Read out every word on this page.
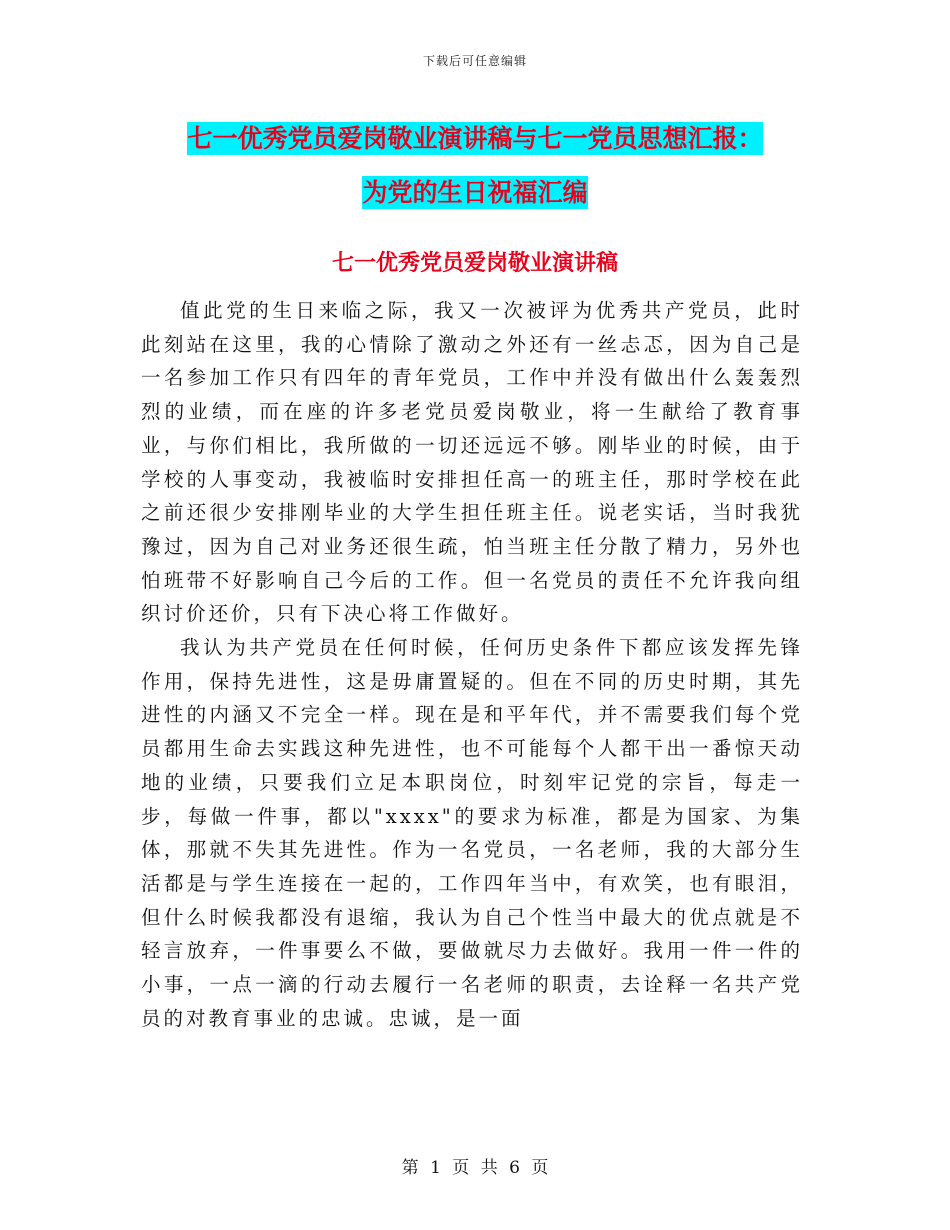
下载后可任意编辑
七一优秀党员爱岗敬业演讲稿与七一党员思想汇报：
为党的生日祝福汇编
七一优秀党员爱岗敬业演讲稿

值此党的生日来临之际，我又一次被评为优秀共产党员，此时此刻站在这里，我的心情除了激动之外还有一丝忐忑，因为自己是一名参加工作只有四年的青年党员，工作中并没有做出什么轰轰烈烈的业绩，而在座的许多老党员爱岗敬业，将一生献给了教育事业，与你们相比，我所做的一切还远远不够。刚毕业的时候，由于学校的人事变动，我被临时安排担任高一的班主任，那时学校在此之前还很少安排刚毕业的大学生担任班主任。说老实话，当时我犹豫过，因为自己对业务还很生疏，怕当班主任分散了精力，另外也怕班带不好影响自己今后的工作。但一名党员的责任不允许我向组织讨价还价，只有下决心将工作做好。

我认为共产党员在任何时候，任何历史条件下都应该发挥先锋作用，保持先进性，这是毋庸置疑的。但在不同的历史时期，其先进性的内涵又不完全一样。现在是和平年代，并不需要我们每个党员都用生命去实践这种先进性，也不可能每个人都干出一番惊天动地的业绩，只要我们立足本职岗位，时刻牢记党的宗旨，每走一步，每做一件事，都以"xxxx"的要求为标准，都是为国家、为集体，那就不失其先进性。作为一名党员，一名老师，我的大部分生活都是与学生连接在一起的，工作四年当中，有欢笑，也有眼泪，但什么时候我都没有退缩，我认为自己个性当中最大的优点就是不轻言放弃，一件事要么不做，要做就尽力去做好。我用一件一件的小事，一点一滴的行动去履行一名老师的职责，去诠释一名共产党员的对教育事业的忠诚。忠诚，是一面

第 1 页 共 6 页
